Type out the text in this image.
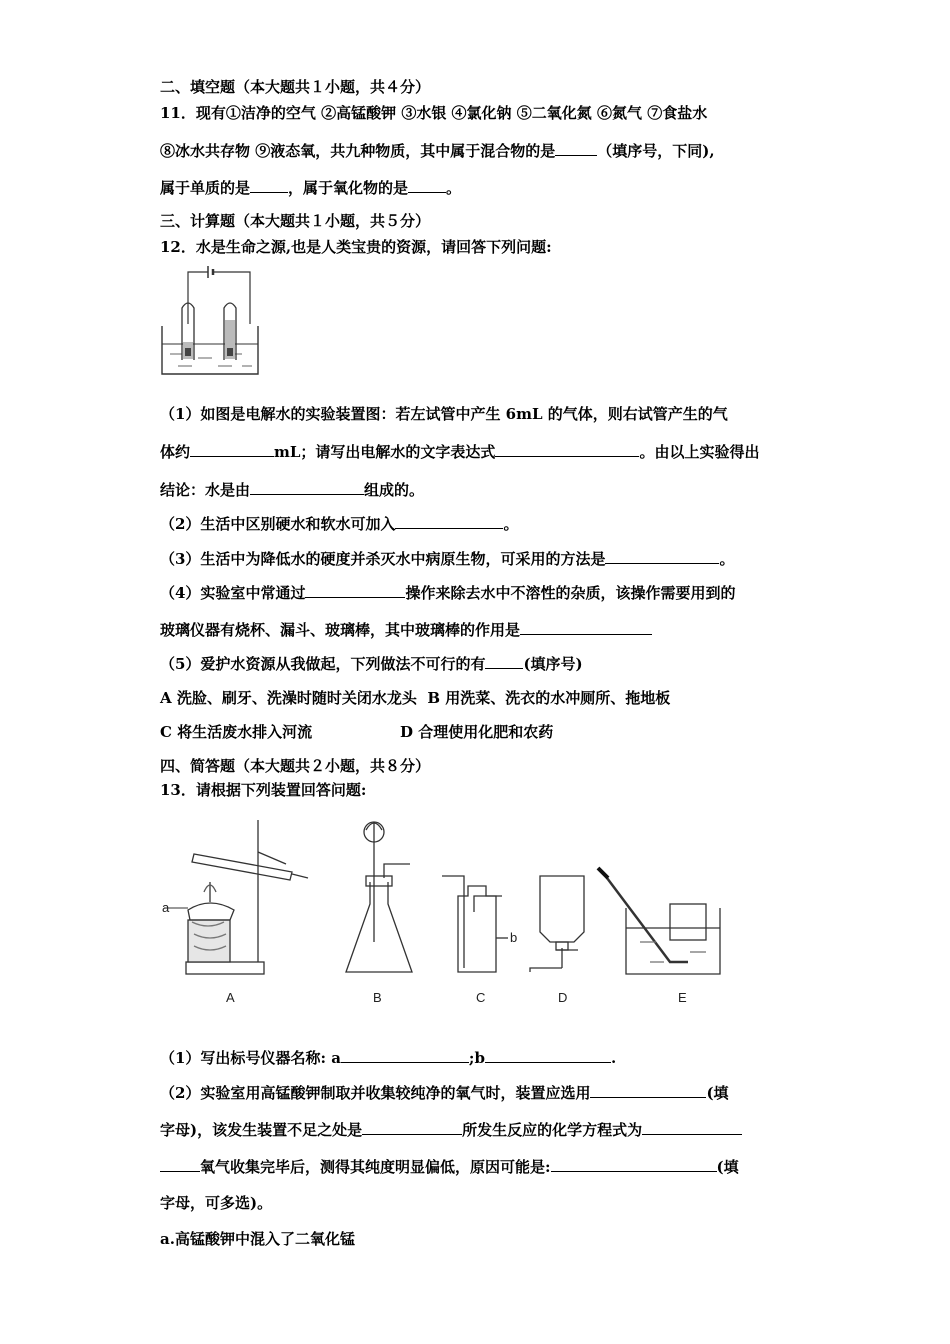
二、填空题（本大题共１小题，共４分）
11．现有①洁净的空气 ②高锰酸钾 ③水银 ④氯化钠 ⑤二氧化氮 ⑥氮气 ⑦食盐水
⑧冰水共存物 ⑨液态氧，共九种物质，其中属于混合物的是	（填序号，下同),
属于单质的是	，属于氧化物的是	。
三、计算题（本大题共１小题，共５分）
12．水是生命之源,也是人类宝贵的资源，请回答下列问题:
（1）如图是电解水的实验装置图：若左试管中产生 6mL 的气体，则右试管产生的气
体约	mL；请写出电解水的文字表达式	。由以上实验得出
结论：水是由	组成的。
（2）生活中区别硬水和软水可加入	。
（3）生活中为降低水的硬度并杀灭水中病原生物，可采用的方法是	。
（4）实验室中常通过	操作来除去水中不溶性的杂质，该操作需要用到的
玻璃仪器有烧杯、漏斗、玻璃棒，其中玻璃棒的作用是
（5）爱护水资源从我做起，下列做法不可行的有	(填序号)
A 洗脸、刷牙、洗澡时随时关闭水龙头 B 用洗菜、洗衣的水冲厕所、拖地板
C 将生活废水排入河流	D 合理使用化肥和农药
四、简答题（本大题共２小题，共８分）
13．请根据下列装置回答问题:
a
b
A	B	C	D	E
（1）写出标号仪器名称: a	;b	.
（2）实验室用高锰酸钾制取并收集较纯净的氧气时，装置应选用	(填
字母)，该发生装置不足之处是	所发生反应的化学方程式为
氧气收集完毕后，测得其纯度明显偏低，原因可能是:	(填
字母，可多选)。
a.高锰酸钾中混入了二氧化锰
